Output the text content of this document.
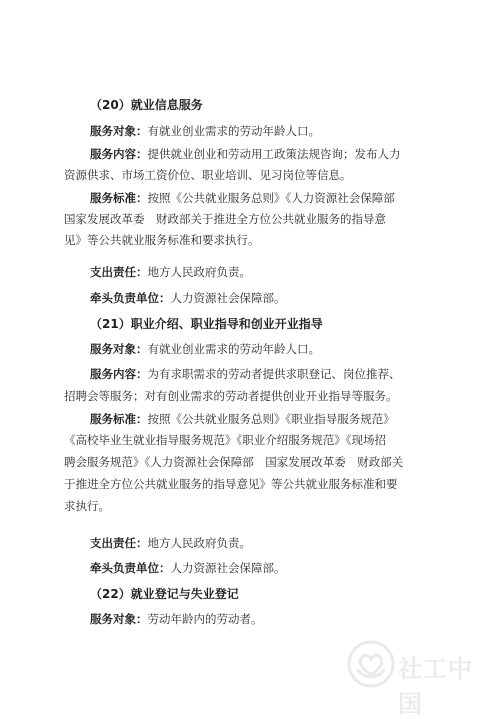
（20）就业信息服务
服务对象：有就业创业需求的劳动年龄人口。
服务内容：提供就业创业和劳动用工政策法规咨询；发布人力
资源供求、市场工资价位、职业培训、见习岗位等信息。
服务标准：按照《公共就业服务总则》《人力资源社会保障部
国家发展改革委　财政部关于推进全方位公共就业服务的指导意
见》等公共就业服务标准和要求执行。
支出责任：地方人民政府负责。
牵头负责单位：人力资源社会保障部。
（21）职业介绍、职业指导和创业开业指导
服务对象：有就业创业需求的劳动年龄人口。
服务内容：为有求职需求的劳动者提供求职登记、岗位推荐、
招聘会等服务；对有创业需求的劳动者提供创业开业指导等服务。
服务标准：按照《公共就业服务总则》《职业指导服务规范》
《高校毕业生就业指导服务规范》《职业介绍服务规范》《现场招
聘会服务规范》《人力资源社会保障部　国家发展改革委　财政部关
于推进全方位公共就业服务的指导意见》等公共就业服务标准和要
求执行。
支出责任：地方人民政府负责。
牵头负责单位：人力资源社会保障部。
（22）就业登记与失业登记
服务对象：劳动年龄内的劳动者。
社工中国
